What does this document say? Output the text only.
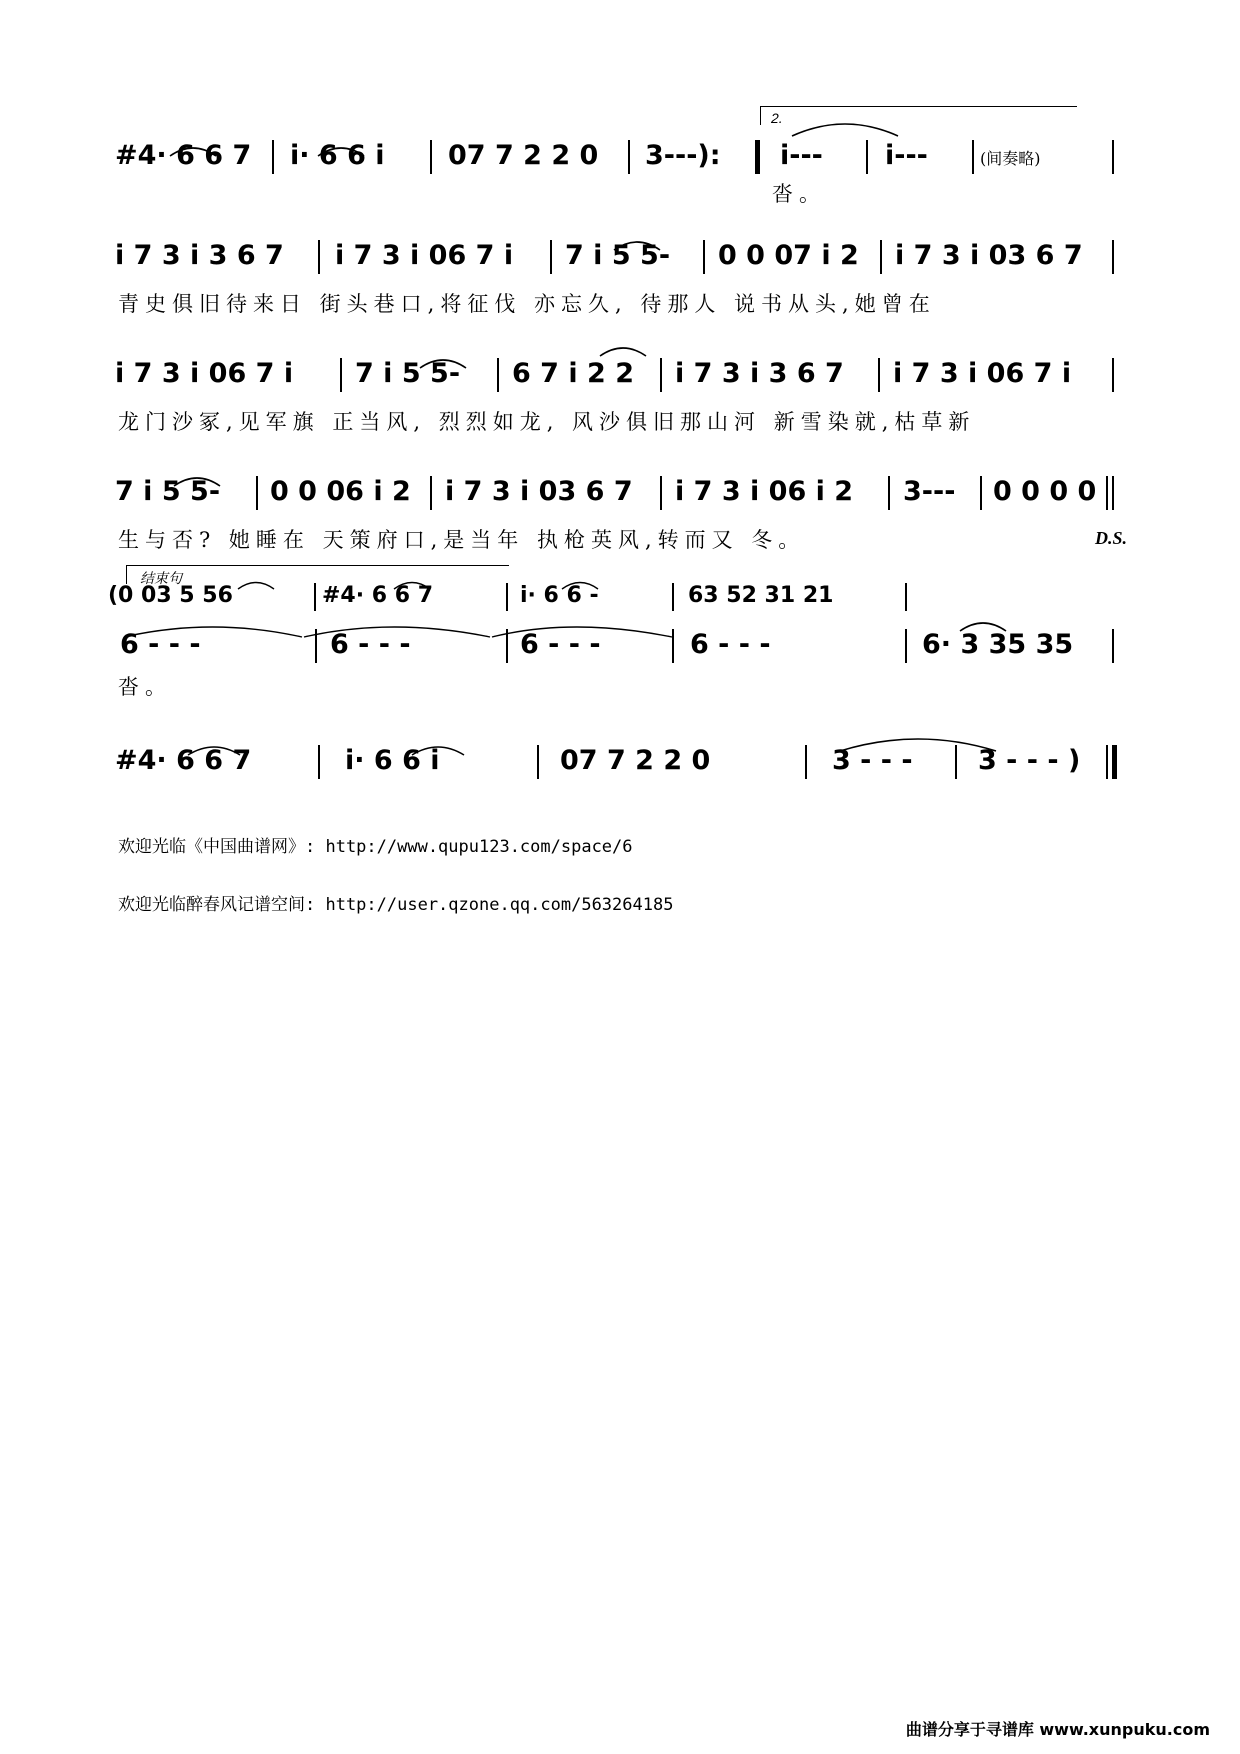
2.
#4· 6 6 7 i· 6 6 i 07 7 2 2 0 3---): i--- i---	(间奏略)
沓。
i 7 3 i 3 6 7 i 7 3 i 06 7 i 7 i 5 5- 0 0 07 i 2 i 7 3 i 03 6 7
青史俱旧待来日 街头巷口,将征伐 亦忘久, 待那人 说书从头,她曾在
i 7 3 i 06 7 i 7 i 5 5- 6 7 i 2 2 i 7 3 i 3 6 7 i 7 3 i 06 7 i
龙门沙冢,见军旗 正当风, 烈烈如龙, 风沙俱旧那山河 新雪染就,枯草新
7 i 5 5- 0 0 06 i 2 i 7 3 i 03 6 7 i 7 3 i 06 i 2 3--- 0 0 0 0
生与否? 她睡在 天策府口,是当年 执枪英风,转而又 冬。	D.S.
结束句
(0 03 5 56	#4· 6 6 7	i· 6 6 -	63 52 31 21
6 - - -	6 - - -	6 - - -	6 - - -	6· 3 35 35
沓。
#4· 6 6 7	i· 6 6 i	07 7 2 2 0	3 - - - 3 - - - )
欢迎光临《中国曲谱网》: http://www.qupu123.com/space/6
欢迎光临醉春风记谱空间: http://user.qzone.qq.com/563264185
曲谱分享于寻谱库 www.xunpuku.com
